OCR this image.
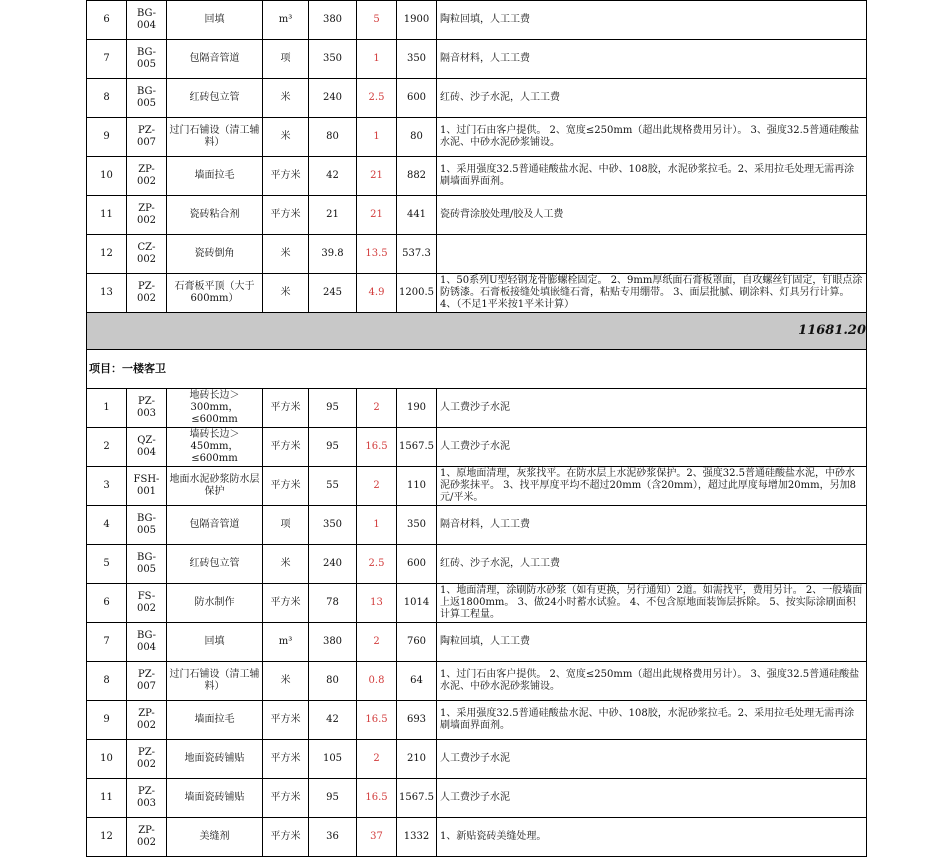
6	BG-004	回填	m³	380	5	1900	陶粒回填，人工工费
7	BG-005	包隔音管道	项	350	1	350	隔音材料，人工工费
8	BG-005	红砖包立管	米	240	2.5	600	红砖、沙子水泥，人工工费
9	PZ-007	过门石铺设（清工辅料）	米	80	1	80	1、过门石由客户提供。 2、宽度≤250mm（超出此规格费用另计）。 3、强度32.5普通硅酸盐水泥、中砂水泥砂浆铺设。
10	ZP-002	墙面拉毛	平方米	42	21	882	1、采用强度32.5普通硅酸盐水泥、中砂、108胶，水泥砂浆拉毛。2、采用拉毛处理无需再涂刷墙面界面剂。
11	ZP-002	瓷砖粘合剂	平方米	21	21	441	瓷砖背涂胶处理/胶及人工费
12	CZ-002	瓷砖倒角	米	39.8	13.5	537.3	
13	PZ-002	石膏板平顶（大于600mm）	米	245	4.9	1200.5	1、50系列U型轻钢龙骨膨螺栓固定。 2、9mm厚纸面石膏板罩面，自攻螺丝钉固定，钉眼点涂防锈漆。石膏板接缝处填嵌缝石膏，粘贴专用绷带。 3、面层批腻、刷涂料、灯具另行计算。 4、（不足1平米按1平米计算）
11681.20							
项目：一楼客卫							
1	PZ-003	地砖长边＞300mm，≤600mm	平方米	95	2	190	人工费沙子水泥
2	QZ-004	墙砖长边＞450mm，≤600mm	平方米	95	16.5	1567.5	人工费沙子水泥
3	FSH-001	地面水泥砂浆防水层保护	平方米	55	2	110	1、原地面清理，灰浆找平。在防水层上水泥砂浆保护。2、强度32.5普通硅酸盐水泥，中砂水泥砂浆抹平。 3、找平厚度平均不超过20mm（含20mm），超过此厚度每增加20mm，另加8元/平米。
4	BG-005	包隔音管道	项	350	1	350	隔音材料，人工工费
5	BG-005	红砖包立管	米	240	2.5	600	红砖、沙子水泥，人工工费
6	FS-002	防水制作	平方米	78	13	1014	1、地面清理，涂刷防水砂浆（如有更换，另行通知）2道。如需找平，费用另计。 2、一般墙面上返1800mm。 3、做24小时蓄水试验。 4、不包含原地面装饰层拆除。 5、按实际涂刷面积计算工程量。
7	BG-004	回填	m³	380	2	760	陶粒回填，人工工费
8	PZ-007	过门石铺设（清工辅料）	米	80	0.8	64	1、过门石由客户提供。 2、宽度≤250mm（超出此规格费用另计）。 3、强度32.5普通硅酸盐水泥、中砂水泥砂浆铺设。
9	ZP-002	墙面拉毛	平方米	42	16.5	693	1、采用强度32.5普通硅酸盐水泥、中砂、108胶，水泥砂浆拉毛。2、采用拉毛处理无需再涂刷墙面界面剂。
10	PZ-002	地面瓷砖铺贴	平方米	105	2	210	人工费沙子水泥
11	PZ-003	墙面瓷砖铺贴	平方米	95	16.5	1567.5	人工费沙子水泥
12	ZP-002	美缝剂	平方米	36	37	1332	1、新贴瓷砖美缝处理。
